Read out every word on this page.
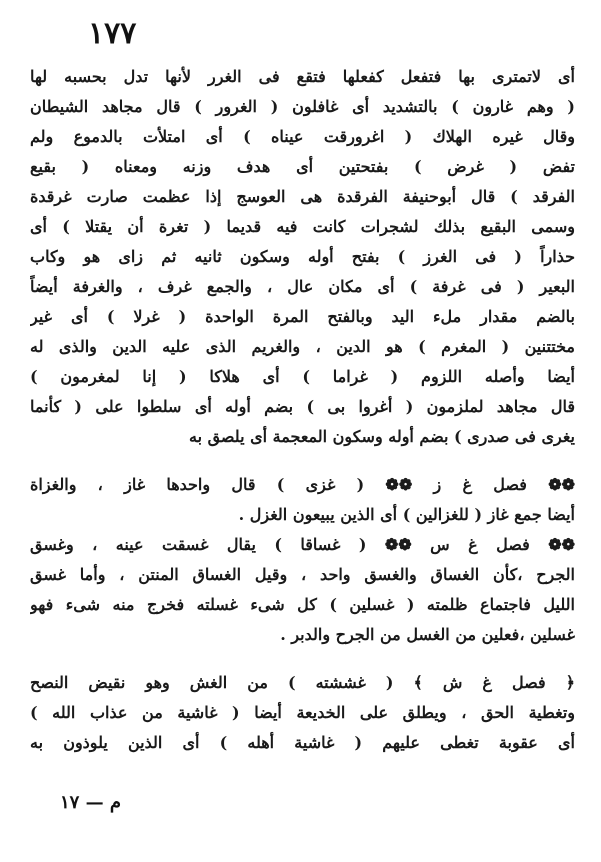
١٧٧
أى لاتمترى بها فتفعل كفعلها فتقع فى الغرر لأنها تدل بحسبه لها
( وهم غارون ) بالتشديد أى غافلون ( الغرور ) قال مجاهد الشيطان
وقال غيره الهلاك ( اغرورقت عيناه ) أى امتلأت بالدموع ولم
تفض ( غرض ) بفتحتين أى هدف وزنه ومعناه ( بقيع
الفرقد ) قال أبوحنيفة الفرقدة هى العوسج إذا عظمت صارت غرقدة
وسمى البقيع بذلك لشجرات كانت فيه قديما ( تغرة أن يقتلا ) أى
حذاراً ( فى الغرز ) بفتح أوله وسكون ثانيه ثم زاى هو وكاب
البعير ( فى غرفة ) أى مكان عال ، والجمع غرف ، والغرفة أيضاً
بالضم مقدار ملء اليد وبالفتح المرة الواحدة ( غرلا ) أى غير
مختتنين ( المغرم ) هو الدين ، والغريم الذى عليه الدين والذى له
أيضا وأصله اللزوم ( غراما ) أى هلاكا ( إنا لمغرمون )
قال مجاهد لملزمون ( أغروا بى ) بضم أوله أى سلطوا على ( كأنما
يغرى فى صدرى ) بضم أوله وسكون المعجمة أى يلصق به
❁❁ فصل غ ز ❁❁ ( غزى ) قال واحدها غاز ، والغزاة
أيضا جمع غاز ( للغزالين ) أى الذين يبيعون الغزل .
❁❁ فصل غ س ❁❁ ( غساقا ) يقال غسقت عينه ، وغسق
الجرح ،كأن الغساق والغسق واحد ، وقيل الغساق المنتن ، وأما غسق
الليل فاجتماع ظلمته ( غسلين ) كل شىء غسلته فخرج منه شىء فهو
غسلين ،فعلين من الغسل من الجرح والدبر .
﴿ فصل غ ش ﴾ ( غششته ) من الغش وهو نقيض النصح
وتغطية الحق ، ويطلق على الخديعة أيضا ( غاشية من عذاب الله )
أى عقوبة تغطى عليهم ( غاشية أهله ) أى الذين يلوذون به
م — ١٧
